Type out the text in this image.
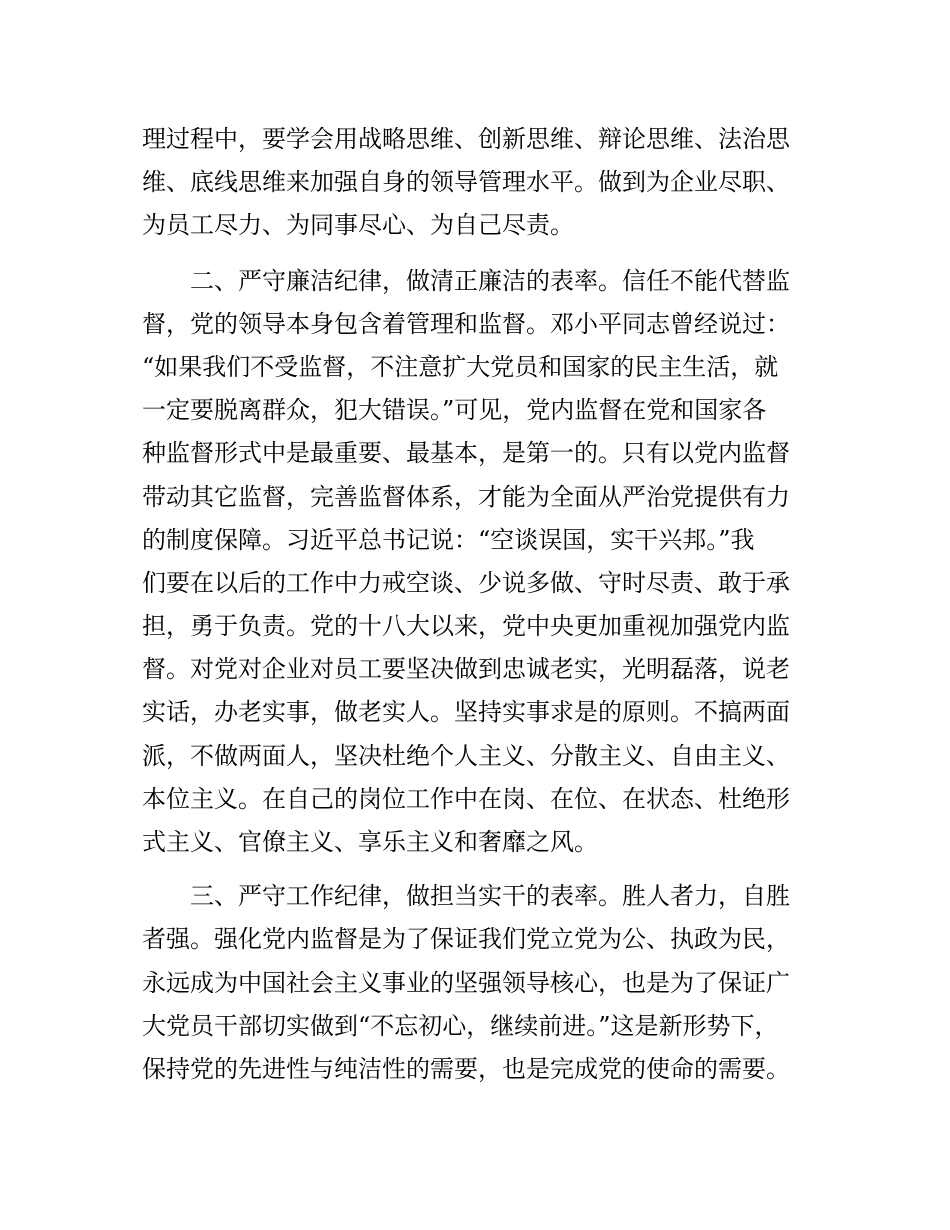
理过程中，要学会用战略思维、创新思维、辩论思维、法治思
维、底线思维来加强自身的领导管理水平。做到为企业尽职、
为员工尽力、为同事尽心、为自己尽责。
二、严守廉洁纪律，做清正廉洁的表率。信任不能代替监
督，党的领导本身包含着管理和监督。邓小平同志曾经说过：
“如果我们不受监督，不注意扩大党员和国家的民主生活，就
一定要脱离群众，犯大错误。”可见，党内监督在党和国家各
种监督形式中是最重要、最基本，是第一的。只有以党内监督
带动其它监督，完善监督体系，才能为全面从严治党提供有力
的制度保障。习近平总书记说：“空谈误国，实干兴邦。”我
们要在以后的工作中力戒空谈、少说多做、守时尽责、敢于承
担，勇于负责。党的十八大以来，党中央更加重视加强党内监
督。对党对企业对员工要坚决做到忠诚老实，光明磊落，说老
实话，办老实事，做老实人。坚持实事求是的原则。不搞两面
派，不做两面人，坚决杜绝个人主义、分散主义、自由主义、
本位主义。在自己的岗位工作中在岗、在位、在状态、杜绝形
式主义、官僚主义、享乐主义和奢靡之风。
三、严守工作纪律，做担当实干的表率。胜人者力，自胜
者强。强化党内监督是为了保证我们党立党为公、执政为民，
永远成为中国社会主义事业的坚强领导核心，也是为了保证广
大党员干部切实做到“不忘初心，继续前进。”这是新形势下，
保持党的先进性与纯洁性的需要，也是完成党的使命的需要。
